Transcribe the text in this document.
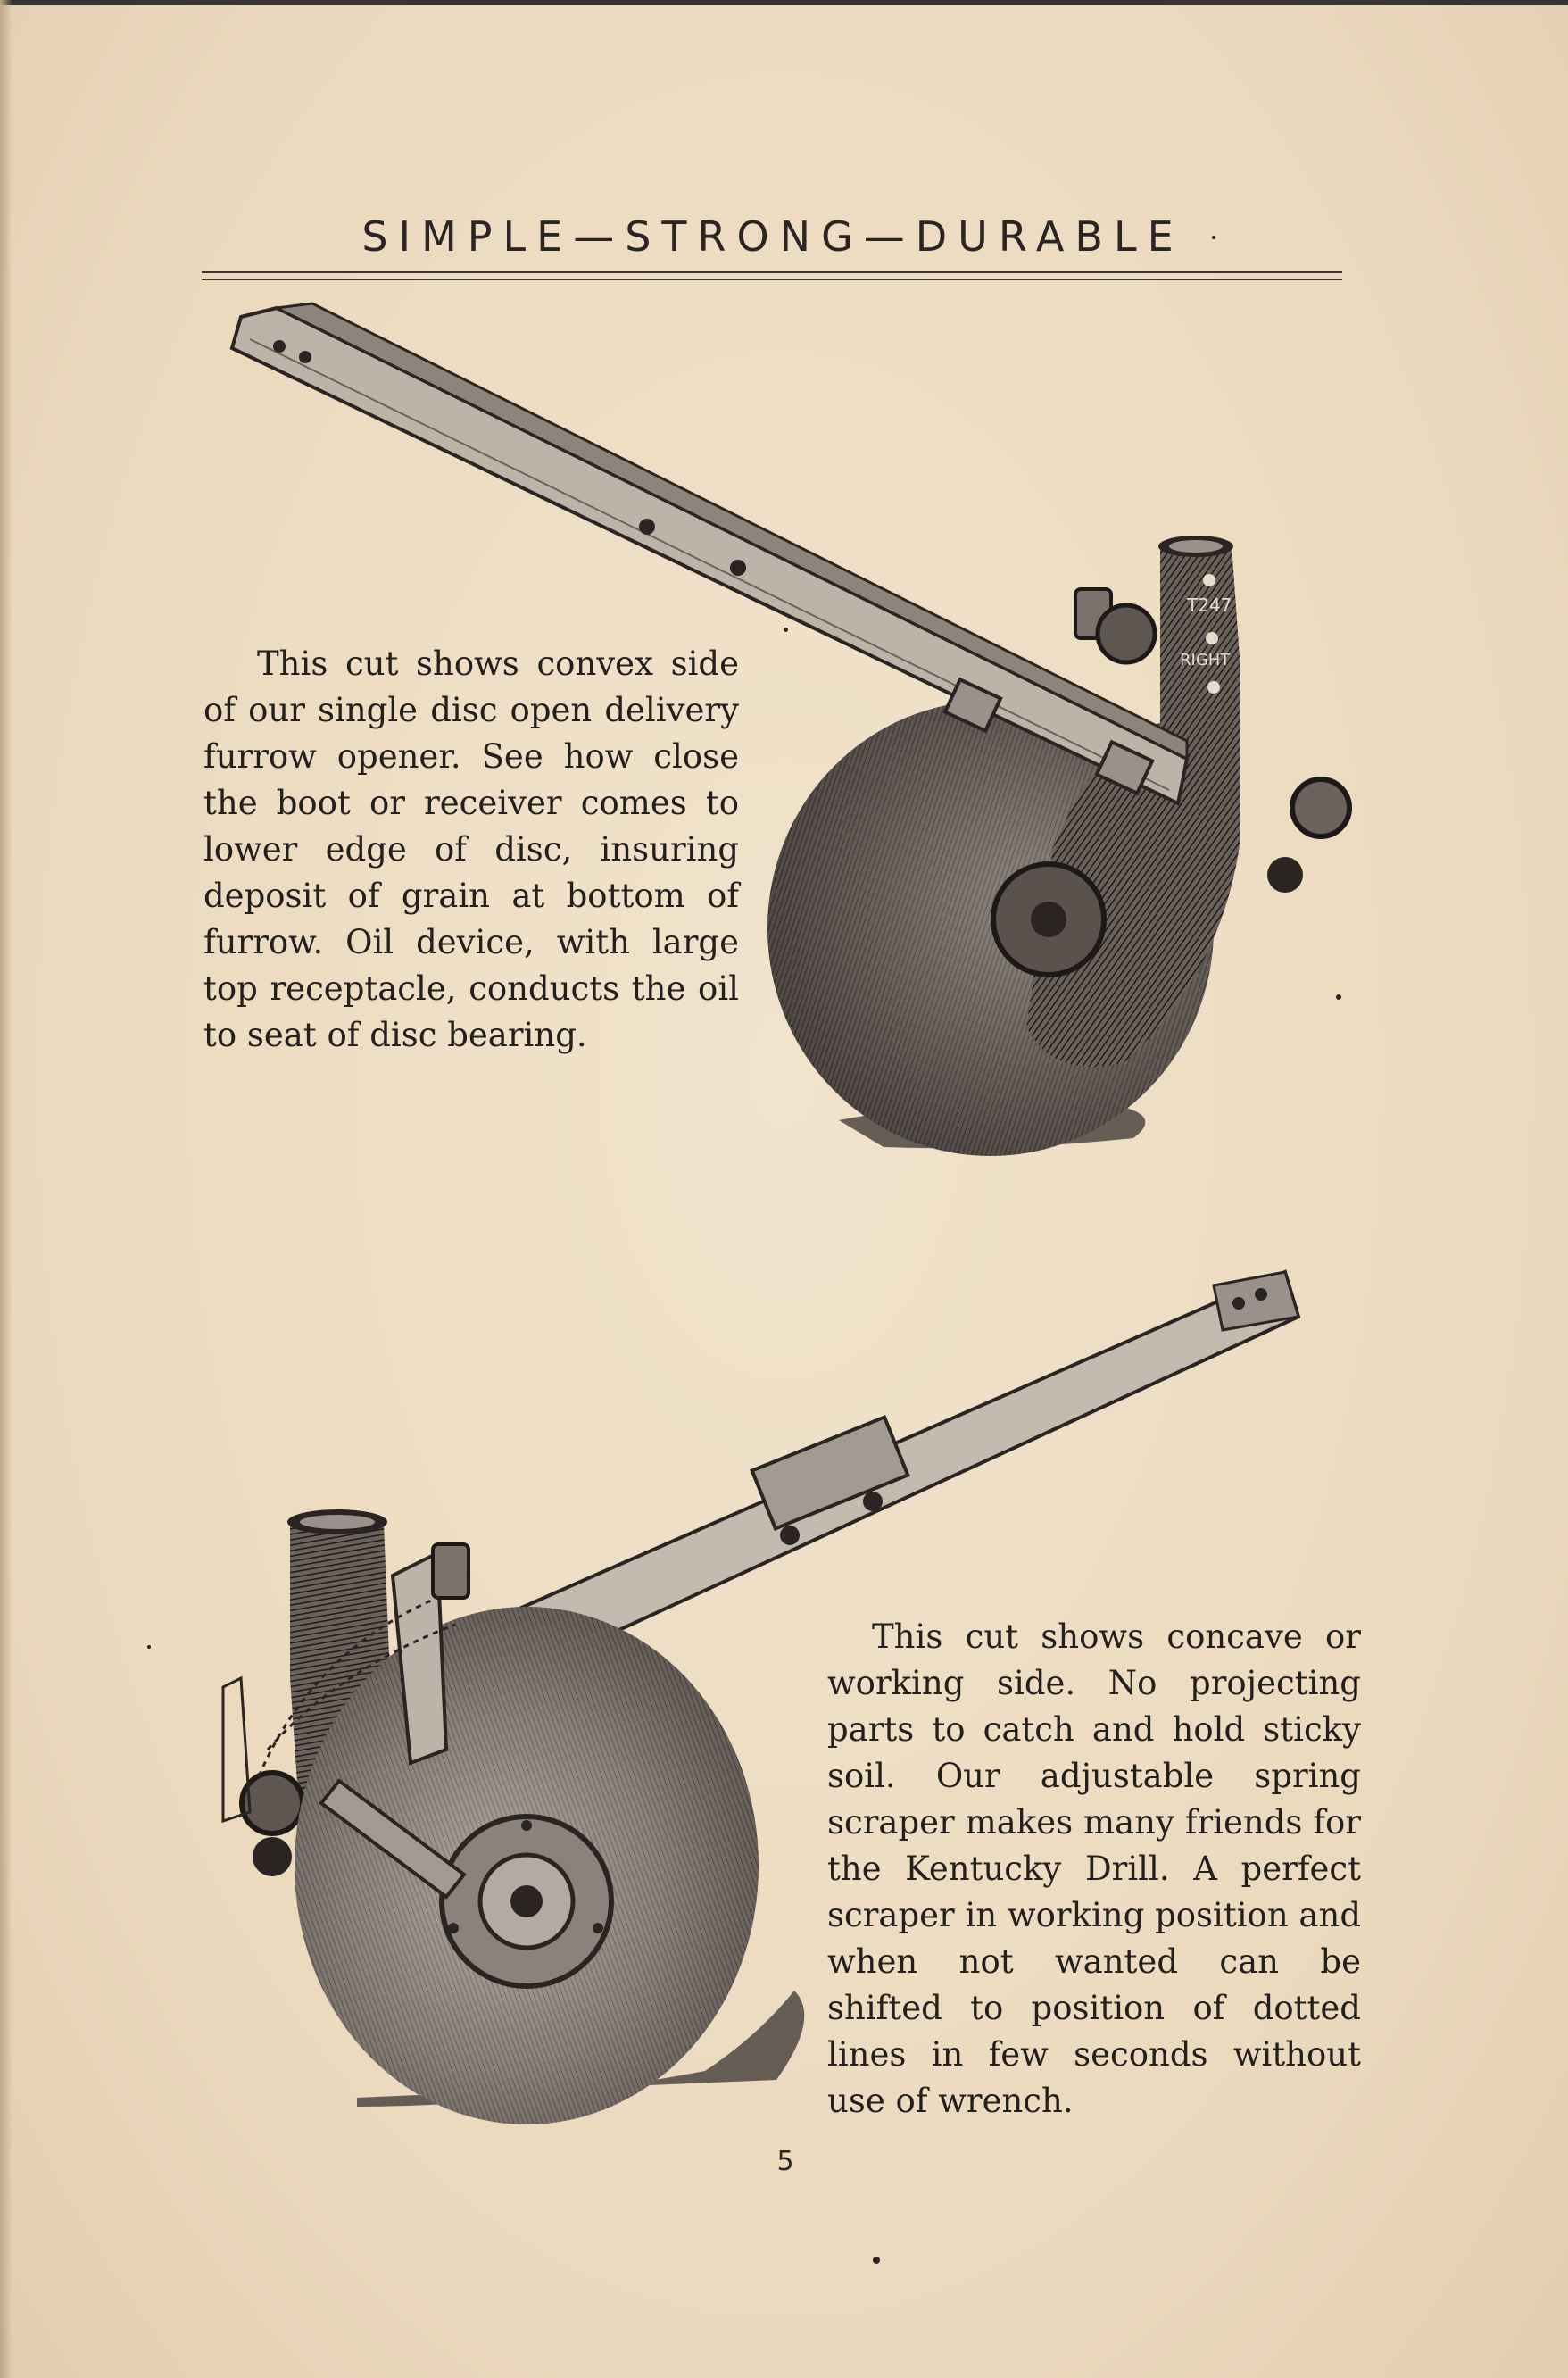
SIMPLE—STRONG—DURABLE
T247
RIGHT

This cut shows convex side of our single disc open delivery furrow opener. See how close the boot or receiver comes to lower edge of disc, insuring deposit of grain at bottom of furrow. Oil device, with large top receptacle, conducts the oil to seat of disc bearing.

This cut shows concave or working side. No projecting parts to catch and hold sticky soil. Our adjustable spring scraper makes many friends for the Kentucky Drill. A perfect scraper in working position and when not wanted can be shifted to position of dotted lines in few seconds without use of wrench.

5
